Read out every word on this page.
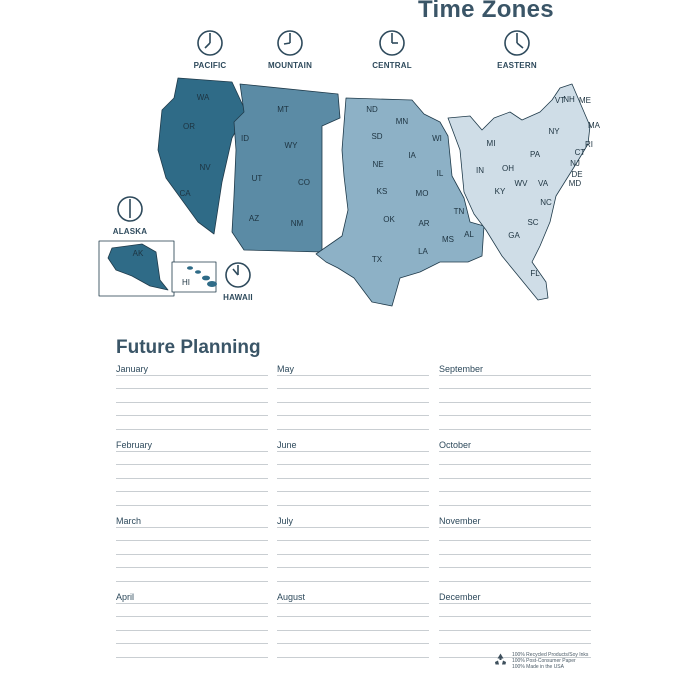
Time Zones
PACIFIC	MOUNTAIN	CENTRAL	EASTERN
ALASKA
HAWAII
WA
OR
CA
NV
MT
ID
WY
UT	CO
AZ
NM
ND
SD
NE
KS
OK
TX
MN
IA
MO
AR
LA
WI
IL
MS
AL
TN
MI
IN OH
KY
WV
PA
NY
VT
NH ME
MA
RI
CT
NJ
DE
MD
VA
NC
SC
GA
FL
AK
HI
Future Planning
January	May	September
February	June	October
March	July	November
April	August	December
100% Recycled Products/Soy Inks
100% Post-Consumer Paper
100% Made in the USA
